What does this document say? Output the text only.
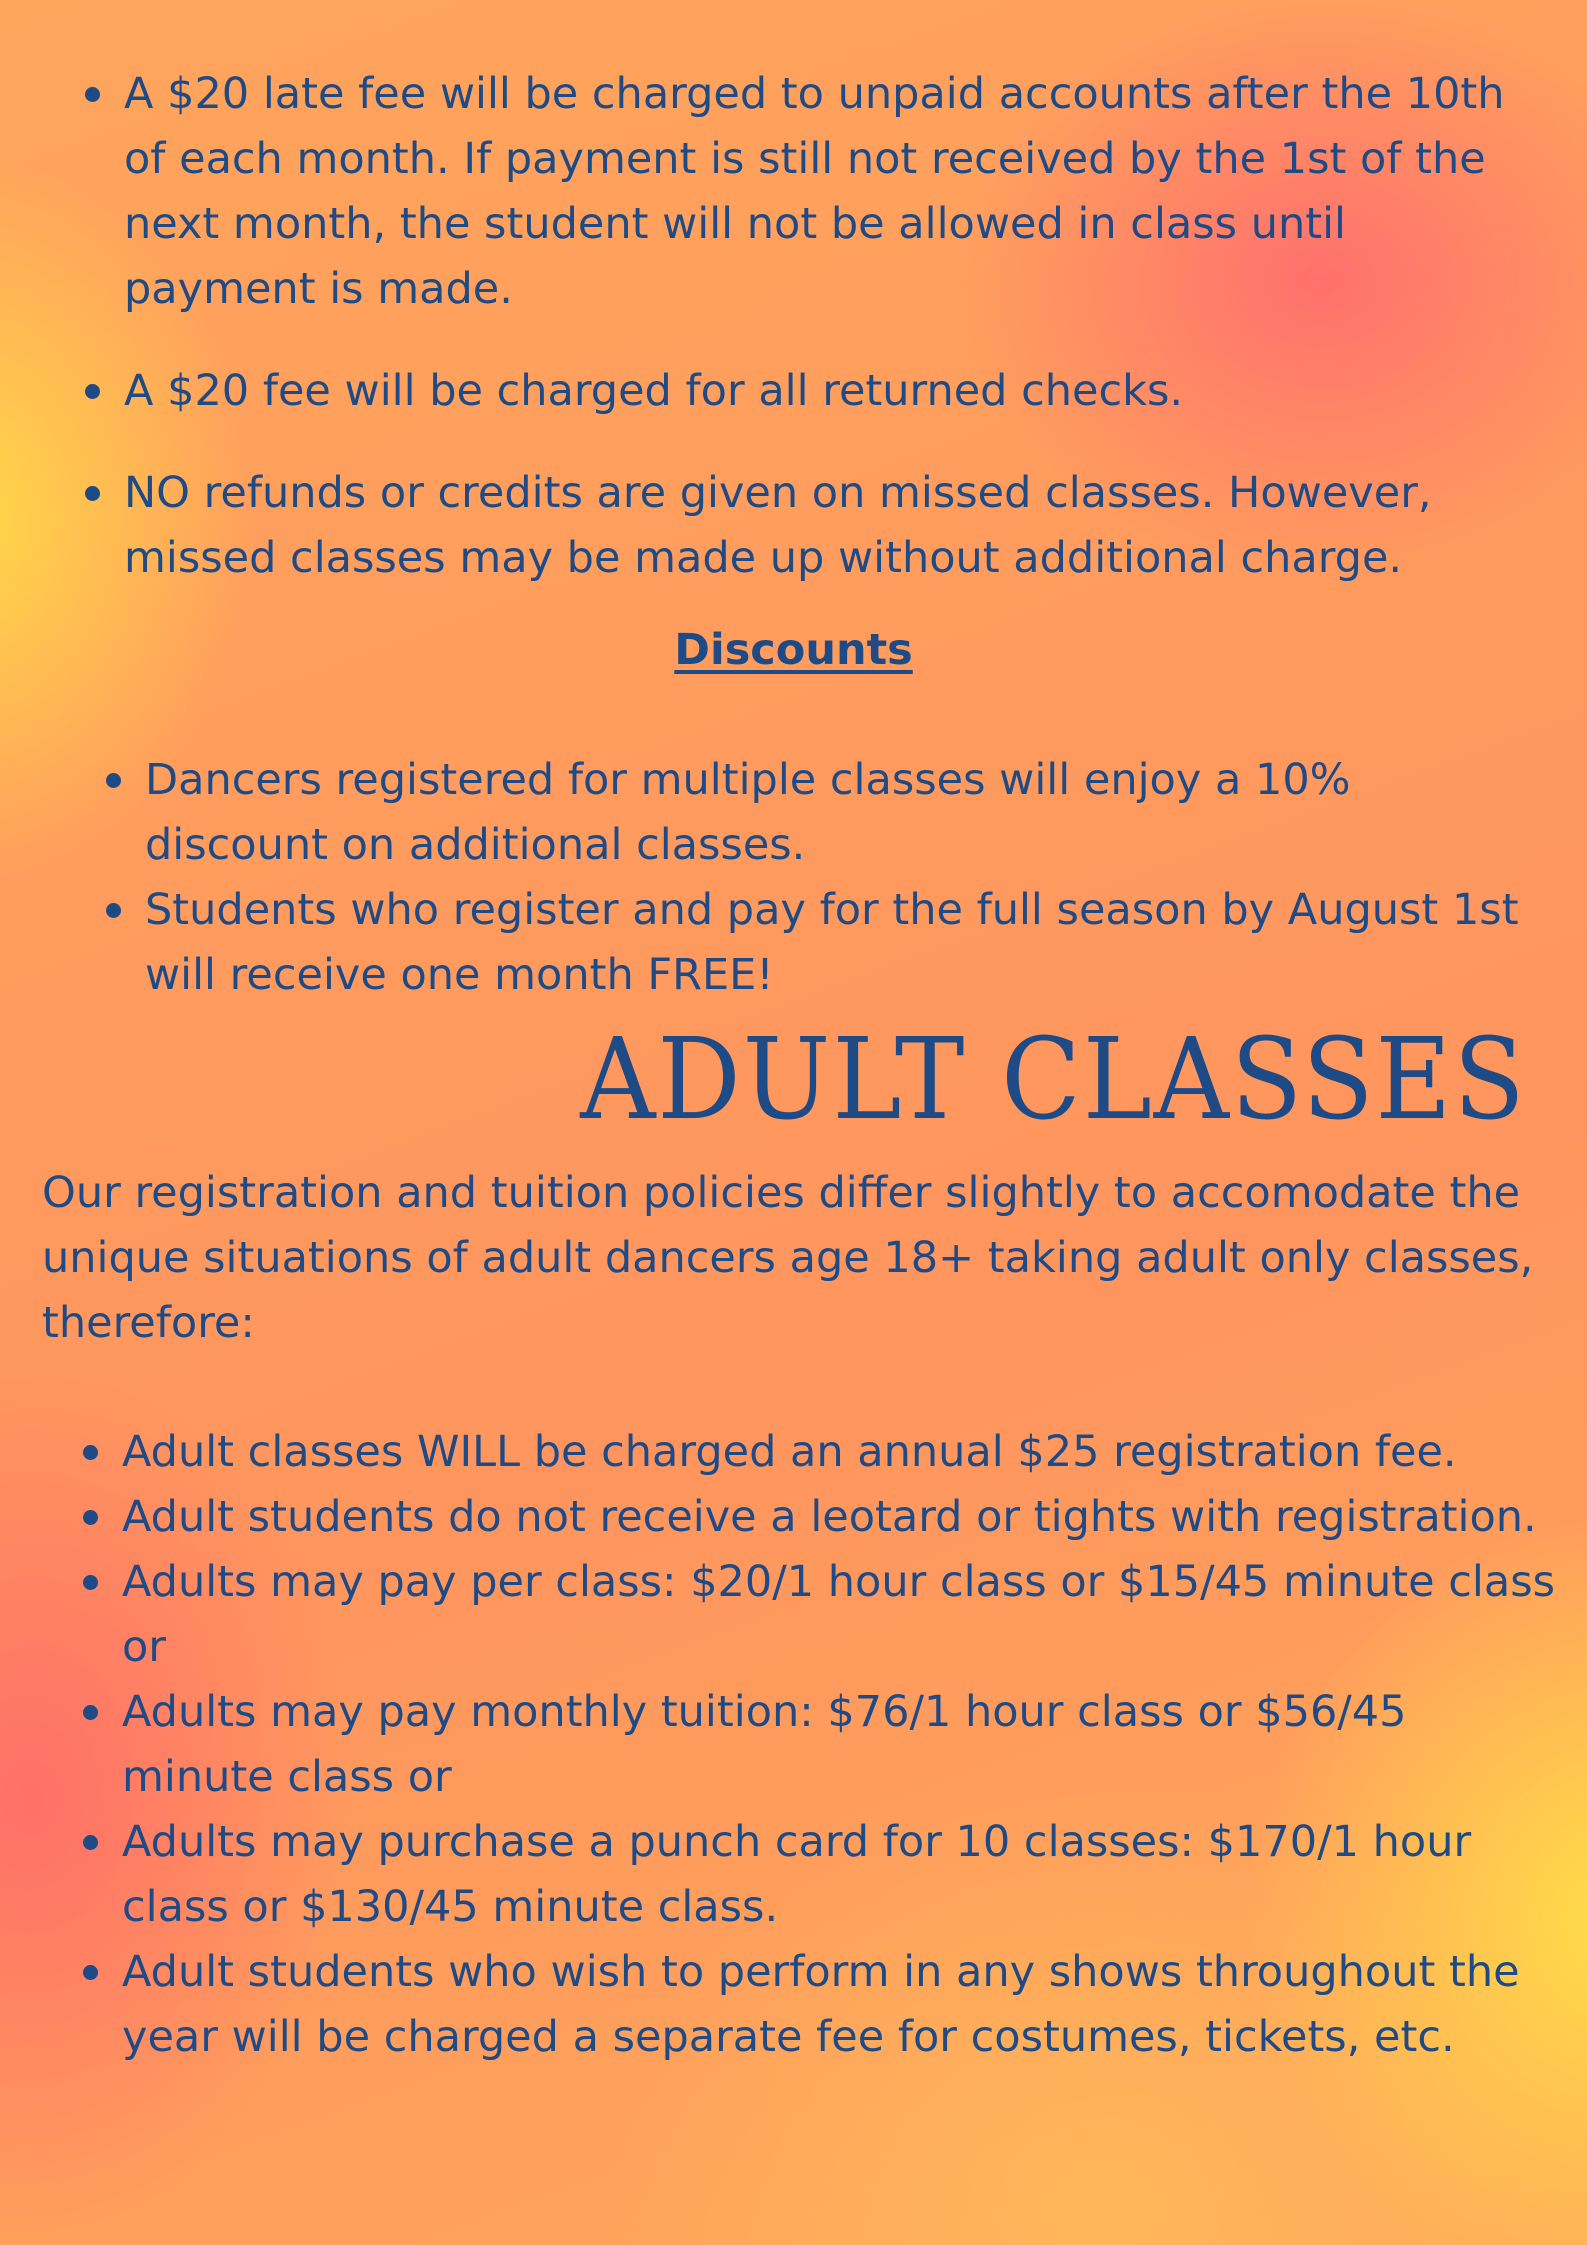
A $20 late fee will be charged to unpaid accounts after the 10th of each month. If payment is still not received by the 1st of the next month, the student will not be allowed in class until payment is made.
A $20 fee will be charged for all returned checks.
NO refunds or credits are given on missed classes. However, missed classes may be made up without additional charge.
Discounts
Dancers registered for multiple classes will enjoy a 10% discount on additional classes.
Students who register and pay for the full season by August 1st will receive one month FREE!
ADULT CLASSES

Our registration and tuition policies differ slightly to accomodate the unique situations of adult dancers age 18+ taking adult only classes, therefore:

Adult classes WILL be charged an annual $25 registration fee.
Adult students do not receive a leotard or tights with registration.
Adults may pay per class: $20/1 hour class or $15/45 minute class or
Adults may pay monthly tuition: $76/1 hour class or $56/45 minute class or
Adults may purchase a punch card for 10 classes: $170/1 hour class or $130/45 minute class.
Adult students who wish to perform in any shows throughout the year will be charged a separate fee for costumes, tickets, etc.
